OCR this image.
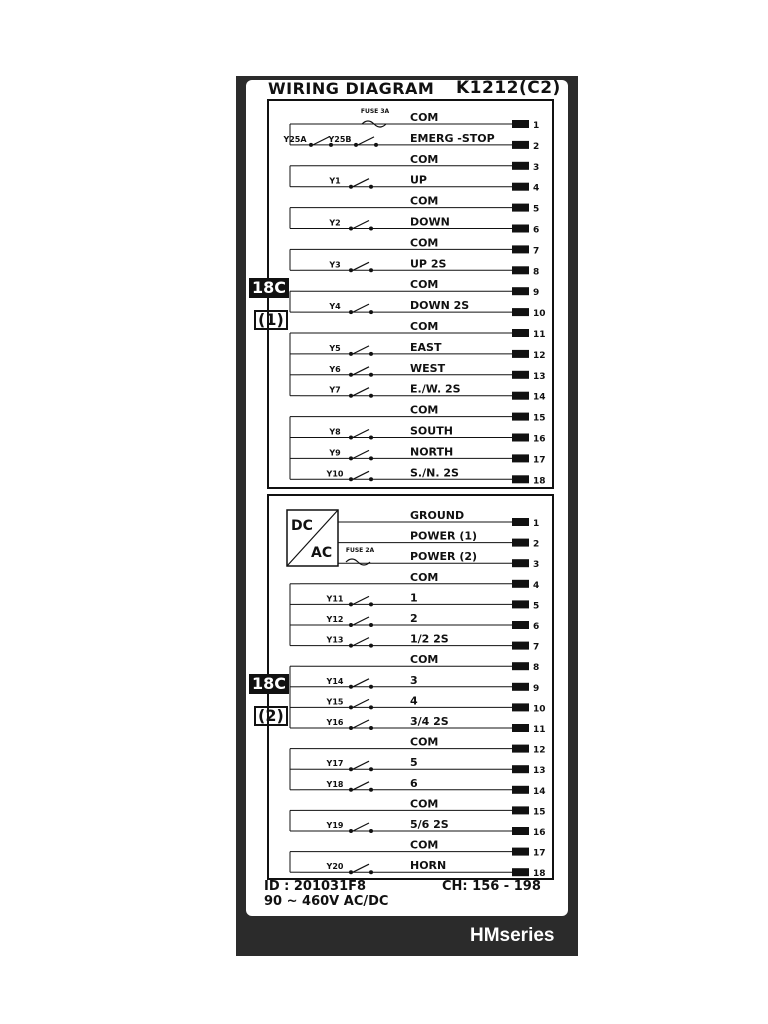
1
COM
2
EMERG -STOP
Y25A	Y25B
3
COM
4
UP
Y1
5
COM
6
DOWN
Y2
7
COM
8
UP 2S
Y3
9
COM
10
DOWN 2S
Y4
11
COM
12
EAST
Y5
13
WEST
Y6
14
E./W. 2S
Y7
15
COM
16
SOUTH
Y8
17
NORTH
Y9
18
S./N. 2S
Y10
FUSE 3A
1
GROUND
2
POWER (1)
3
POWER (2)
4
COM
5
1
Y11
6
2
Y12
7
1/2 2S
Y13
8
COM
9
3
Y14
10
4
Y15
11
3/4 2S
Y16
12
COM
13
5
Y17
14
6
Y18
15
COM
16
5/6 2S
Y19
17
COM
18
HORN
Y20
FUSE 2A
DC
AC
WIRING DIAGRAM K1212(C2)
18C
(1)
18C
(2)
ID : 201031F8
90 ~ 460V AC/DC
CH: 156 - 198
HMseries
